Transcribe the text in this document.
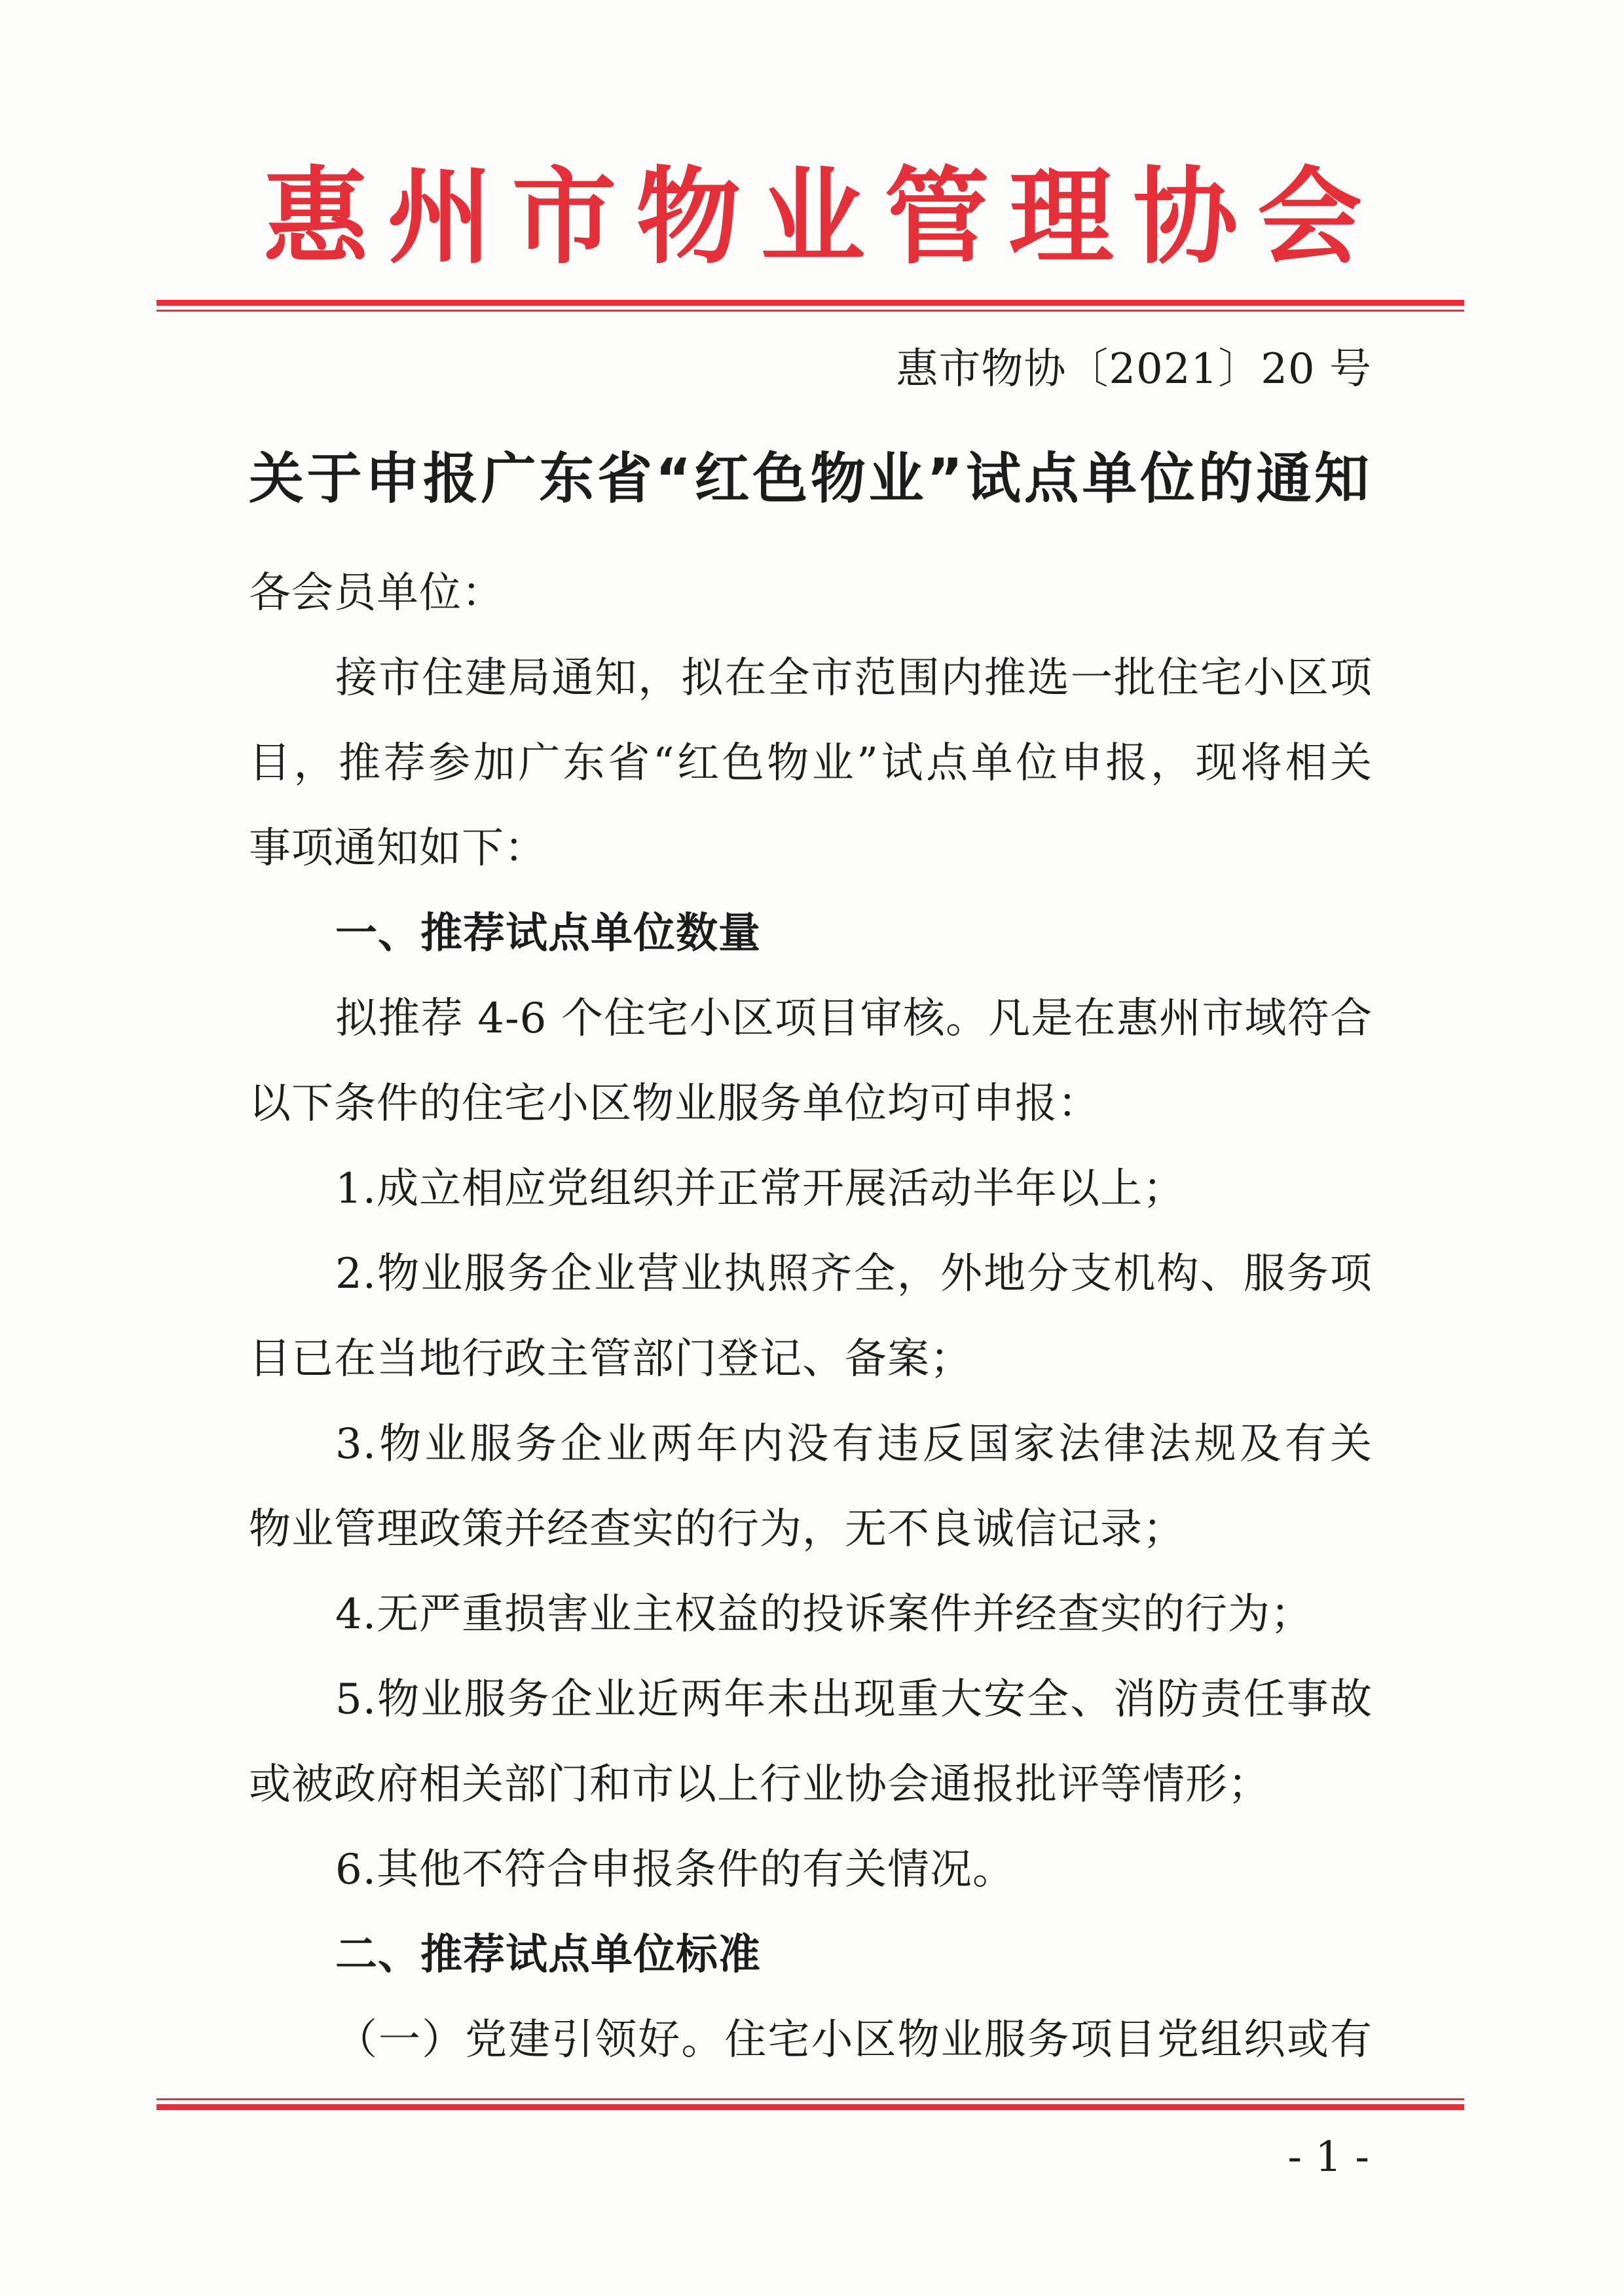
惠州市物业管理协会
惠市物协〔2021〕20 号
关于申报广东省“红色物业”试点单位的通知
各会员单位：
接市住建局通知，拟在全市范围内推选一批住宅小区项
目，推荐参加广东省“红色物业”试点单位申报，现将相关
事项通知如下：
一、推荐试点单位数量
拟推荐 4-6 个住宅小区项目审核。凡是在惠州市域符合
以下条件的住宅小区物业服务单位均可申报：
1.成立相应党组织并正常开展活动半年以上；
2.物业服务企业营业执照齐全，外地分支机构、服务项
目已在当地行政主管部门登记、备案；
3.物业服务企业两年内没有违反国家法律法规及有关
物业管理政策并经查实的行为，无不良诚信记录；
4.无严重损害业主权益的投诉案件并经查实的行为；
5.物业服务企业近两年未出现重大安全、消防责任事故
或被政府相关部门和市以上行业协会通报批评等情形；
6.其他不符合申报条件的有关情况。
二、推荐试点单位标准
（一）党建引领好。住宅小区物业服务项目党组织或有
- 1 -
